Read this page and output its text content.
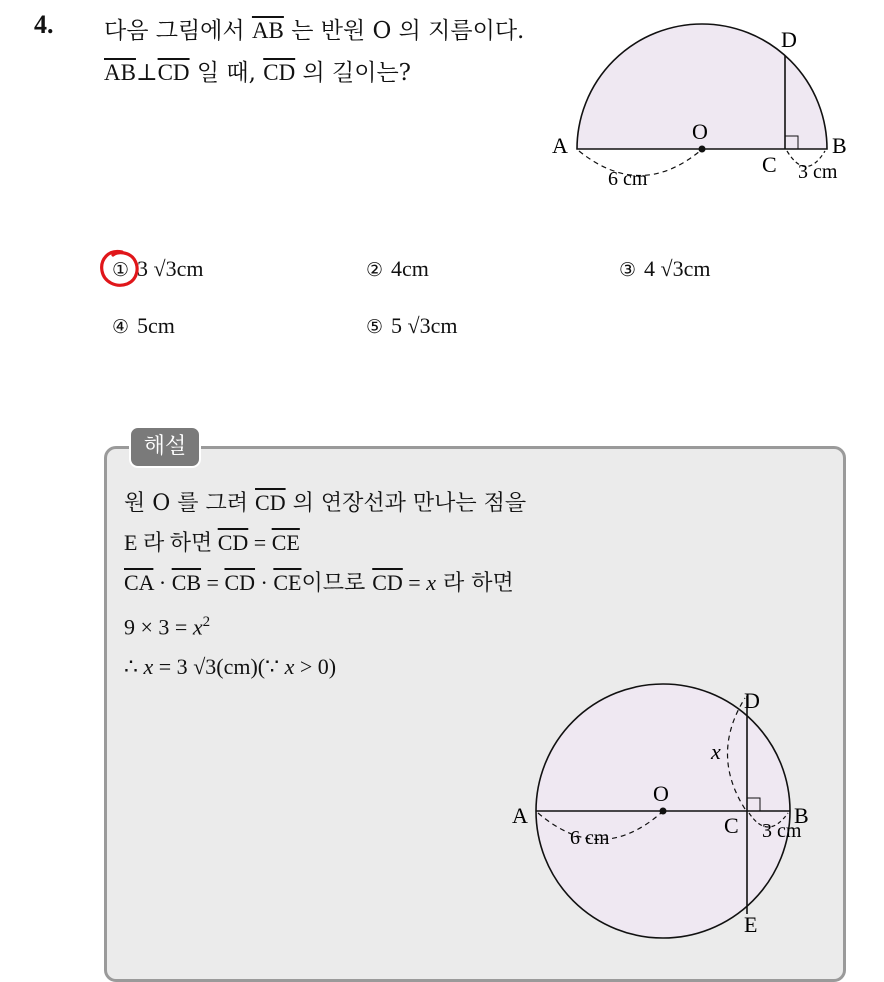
4. 다음 그림에서 $\overline{AB}$ 는 반원 O 의 지름이다. $\overline{AB}\perp\overline{CD}$ 일 때, $\overline{CD}$ 의 길이는?
A	B
C
D
O
6 cm	3 cm
① 3 √3cm	② 4cm	③ 4 √3cm
④ 5cm	⑤ 5 √3cm
해설
원 O 를 그려 $\overline{CD}$ 의 연장선과 만나는 점을
E 라 하면 $\overline{CD} = \overline{CE}$
$\overline{CA} \cdot \overline{CB} = \overline{CD} \cdot \overline{CE}$이므로 $\overline{CD} = x$ 라 하면
$9 \times 3 = x^2$
∴ x = 3 √3(cm)(∵ x > 0)
A	B
C
D
E
O
x
6 cm	3 cm
